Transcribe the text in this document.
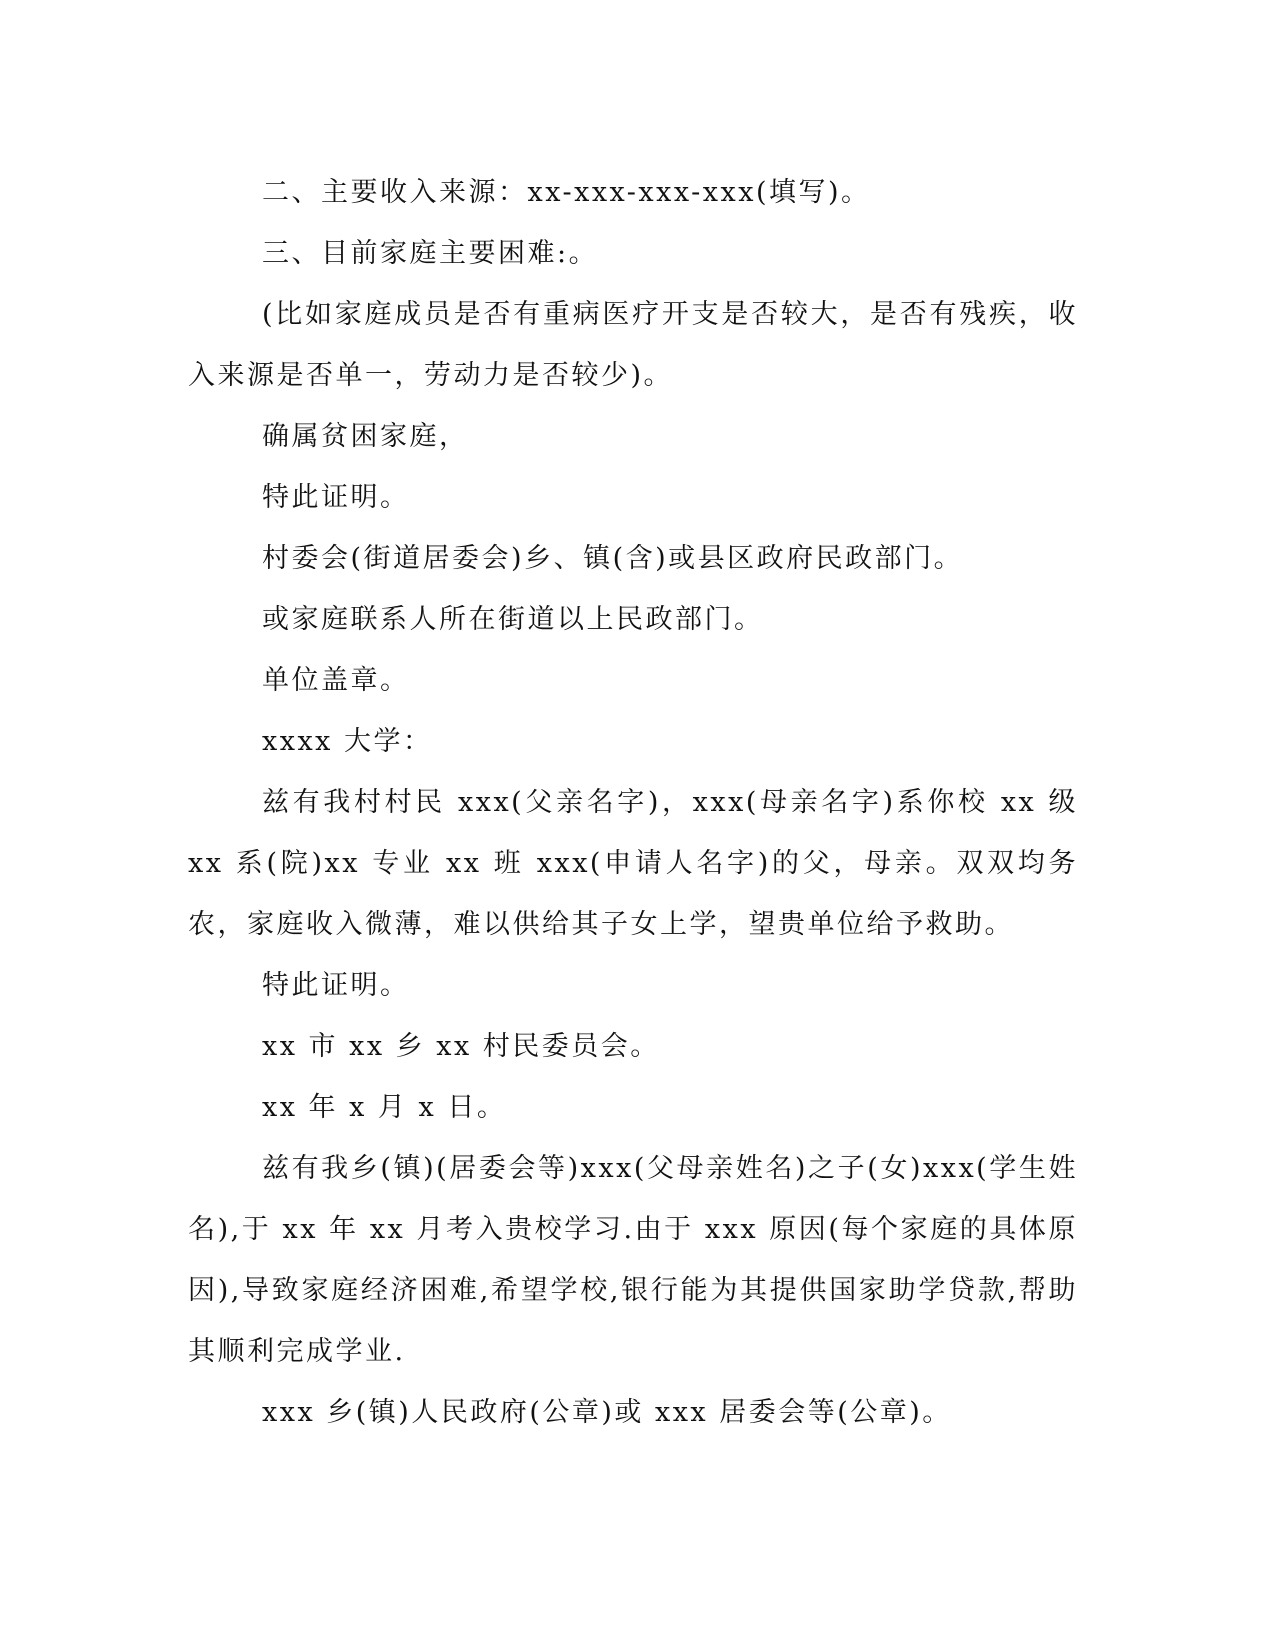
二、主要收入来源：xx-xxx-xxx-xxx(填写)。

三、目前家庭主要困难:。

(比如家庭成员是否有重病医疗开支是否较大，是否有残疾，收入来源是否单一，劳动力是否较少)。

确属贫困家庭，

特此证明。

村委会(街道居委会)乡、镇(含)或县区政府民政部门。

或家庭联系人所在街道以上民政部门。

单位盖章。

xxxx 大学：

兹有我村村民 xxx(父亲名字)，xxx(母亲名字)系你校 xx 级 xx 系(院)xx 专业 xx 班 xxx(申请人名字)的父，母亲。双双均务农，家庭收入微薄，难以供给其子女上学，望贵单位给予救助。

特此证明。

xx 市 xx 乡 xx 村民委员会。

xx 年 x 月 x 日。

兹有我乡(镇)(居委会等)xxx(父母亲姓名)之子(女)xxx(学生姓名),于 xx 年 xx 月考入贵校学习.由于 xxx 原因(每个家庭的具体原因),导致家庭经济困难,希望学校,银行能为其提供国家助学贷款,帮助其顺利完成学业.

xxx 乡(镇)人民政府(公章)或 xxx 居委会等(公章)。
